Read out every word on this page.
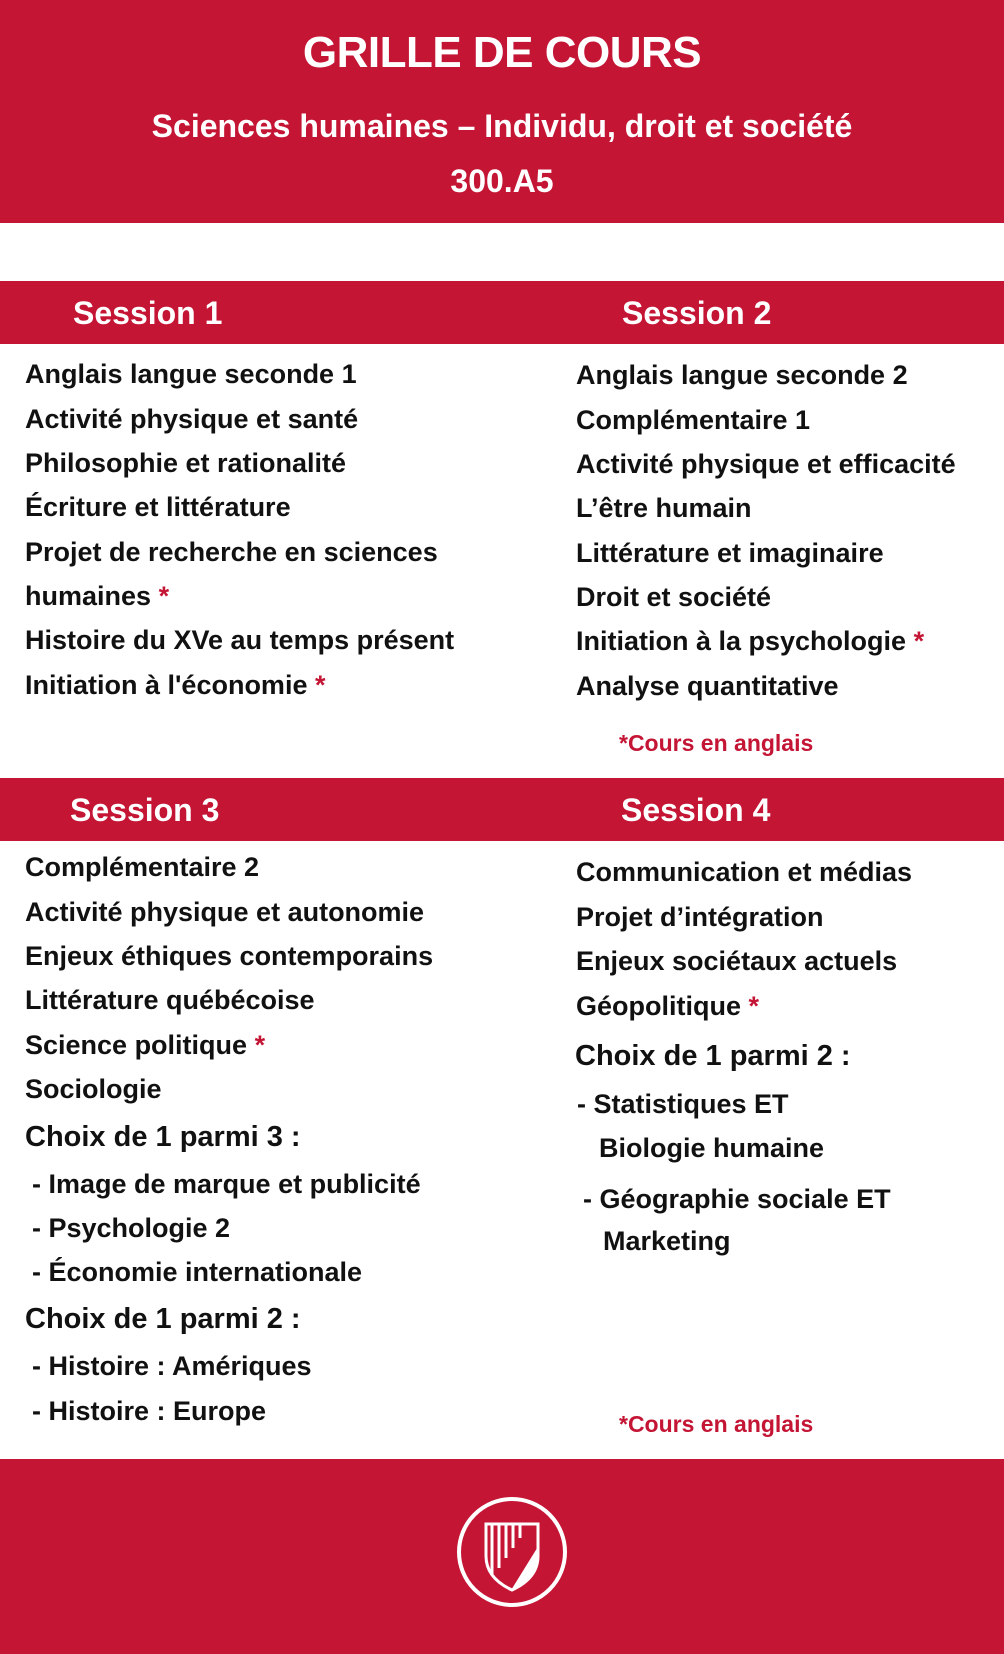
GRILLE DE COURS
Sciences humaines – Individu, droit et société
300.A5
Session 1	Session 2
Anglais langue seconde 1
Activité physique et santé
Philosophie et rationalité
Écriture et littérature
Projet de recherche en sciences
humaines *
Histoire du XVe au temps présent
Initiation à l'économie *
Anglais langue seconde 2
Complémentaire 1
Activité physique et efficacité
L’être humain
Littérature et imaginaire
Droit et société
Initiation à la psychologie *
Analyse quantitative
*Cours en anglais
Session 3	Session 4
Complémentaire 2
Activité physique et autonomie
Enjeux éthiques contemporains
Littérature québécoise
Science politique *
Sociologie
Choix de 1 parmi 3 :
- Image de marque et publicité
- Psychologie 2
- Économie internationale
Choix de 1 parmi 2 :
- Histoire : Amériques
- Histoire : Europe
Communication et médias
Projet d’intégration
Enjeux sociétaux actuels
Géopolitique *
Choix de 1 parmi 2 :
- Statistiques ET
Biologie humaine
- Géographie sociale ET
Marketing
*Cours en anglais
